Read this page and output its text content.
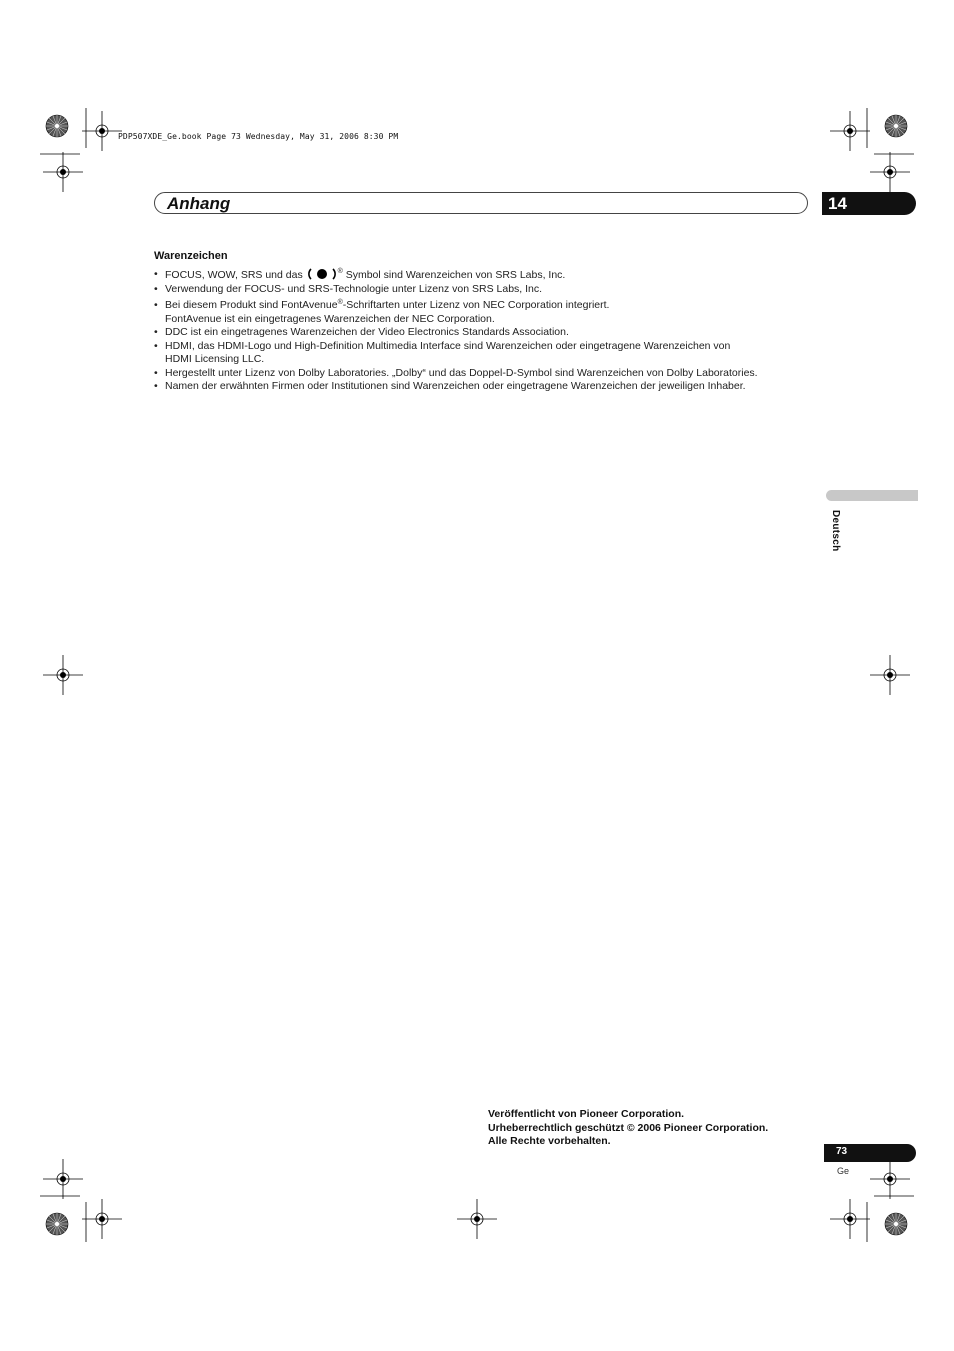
PDP507XDE_Ge.book Page 73 Wednesday, May 31, 2006 8:30 PM
Anhang	14
Warenzeichen
• FOCUS, WOW, SRS und das	® Symbol sind Warenzeichen von SRS Labs, Inc.
• Verwendung der FOCUS- und SRS-Technologie unter Lizenz von SRS Labs, Inc.
• Bei diesem Produkt sind FontAvenue®-Schriftarten unter Lizenz von NEC Corporation integriert.
FontAvenue ist ein eingetragenes Warenzeichen der NEC Corporation.
• DDC ist ein eingetragenes Warenzeichen der Video Electronics Standards Association.
• HDMI, das HDMI-Logo und High-Definition Multimedia Interface sind Warenzeichen oder eingetragene Warenzeichen von
HDMI Licensing LLC.
• Hergestellt unter Lizenz von Dolby Laboratories. „Dolby“ und das Doppel-D-Symbol sind Warenzeichen von Dolby Laboratories.
• Namen der erwähnten Firmen oder Institutionen sind Warenzeichen oder eingetragene Warenzeichen der jeweiligen Inhaber.
Deutsch
Veröffentlicht von Pioneer Corporation.
Urheberrechtlich geschützt © 2006 Pioneer Corporation.
Alle Rechte vorbehalten.
73
Ge
